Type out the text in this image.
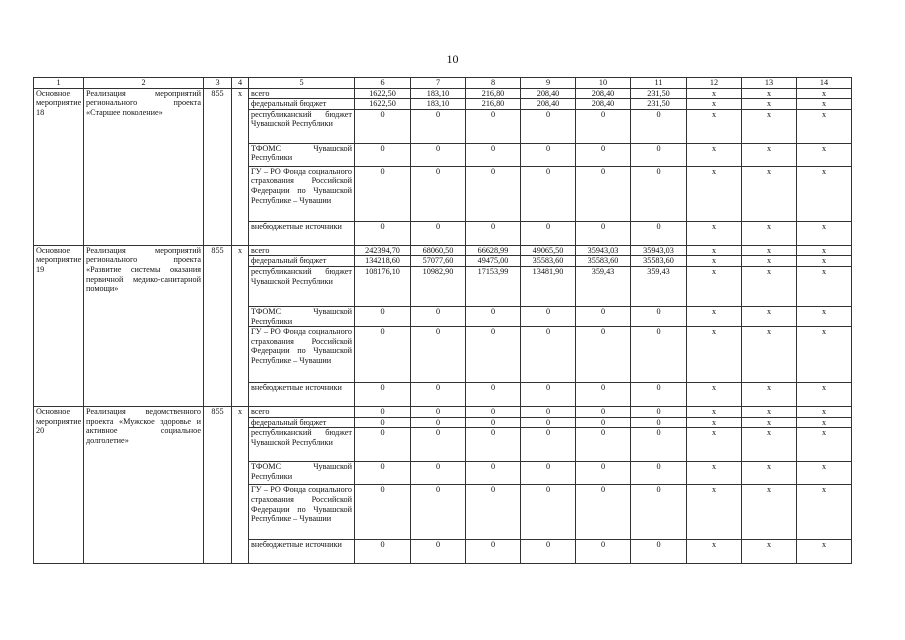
10
1	2	3	4	5	6	7	8	9	10	11	12	13	14
Основное мероприятие 18	Реализация мероприятий регионального проекта «Старшее поколение»	855	x	всего	1622,50	183,10	216,80	208,40	208,40	231,50	x	x	x
				федеральный бюджет	1622,50	183,10	216,80	208,40	208,40	231,50	x	x	x
				республиканский бюджет Чувашской Республики	0	0	0	0	0	0	x	x	x
				ТФОМС Чувашской Республики	0	0	0	0	0	0	x	x	x
				ГУ – РО Фонда социального страхования Российской Федерации по Чувашской Республике – Чувашии	0	0	0	0	0	0	x	x	x
				внебюджетные источники	0	0	0	0	0	0	x	x	x
Основное мероприятие 19	Реализация мероприятий регионального проекта «Развитие системы оказания первичной медико-санитарной помощи»	855	x	всего	242394,70	68060,50	66628,99	49065,50	35943,03	35943,03	x	x	x
				федеральный бюджет	134218,60	57077,60	49475,00	35583,60	35583,60	35583,60	x	x	x
				республиканский бюджет Чувашской Республики	108176,10	10982,90	17153,99	13481,90	359,43	359,43	x	x	x
				ТФОМС Чувашской Республики	0	0	0	0	0	0	x	x	x
				ГУ – РО Фонда социального страхования Российской Федерации по Чувашской Республике – Чувашии	0	0	0	0	0	0	x	x	x
				внебюджетные источники	0	0	0	0	0	0	x	x	x
Основное мероприятие 20	Реализация ведомственного проекта «Мужское здоровье и активное социальное долголетие»	855	x	всего	0	0	0	0	0	0	x	x	x
				федеральный бюджет	0	0	0	0	0	0	x	x	x
				республиканский бюджет Чувашской Республики	0	0	0	0	0	0	x	x	x
				ТФОМС Чувашской Республики	0	0	0	0	0	0	x	x	x
				ГУ – РО Фонда социального страхования Российской Федерации по Чувашской Республике – Чувашии	0	0	0	0	0	0	x	x	x
				внебюджетные источники	0	0	0	0	0	0	x	x	x
